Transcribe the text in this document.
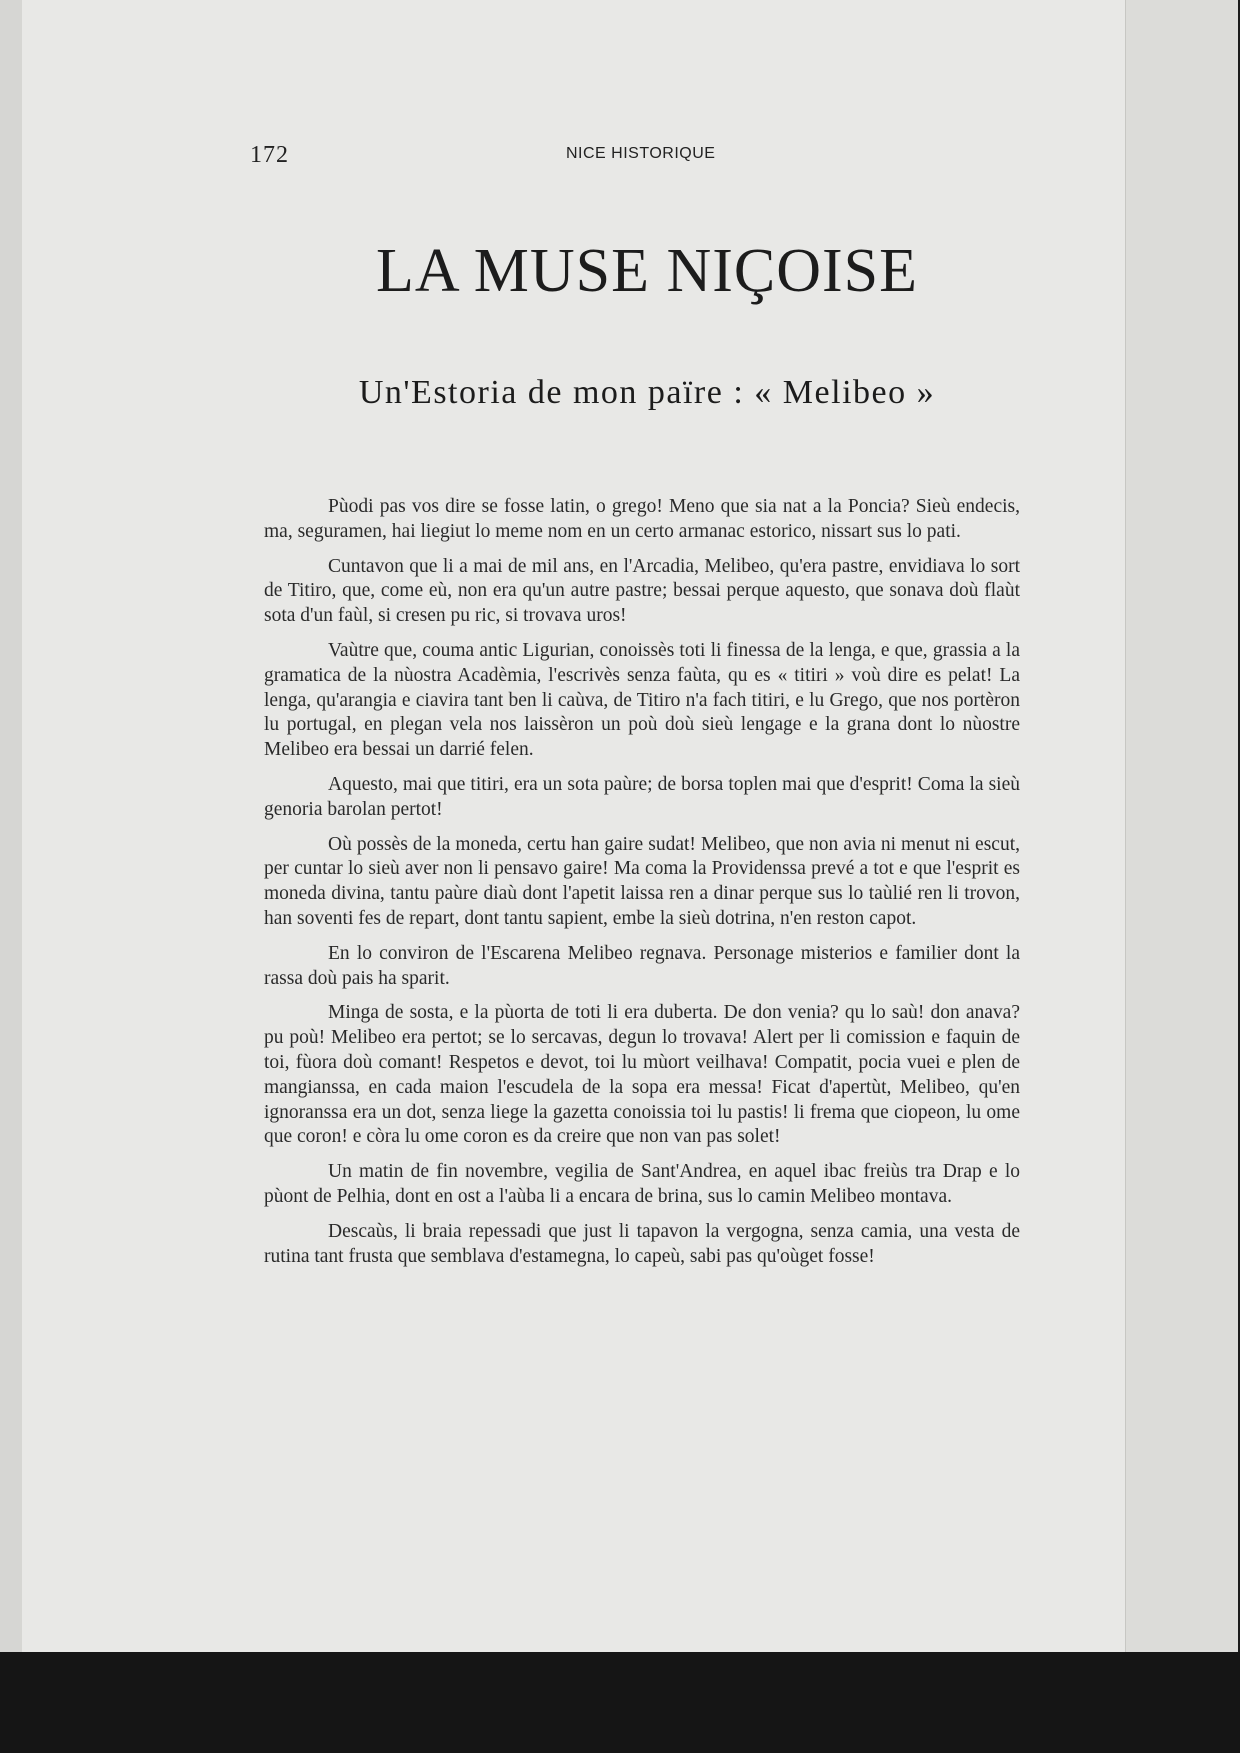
172	NICE HISTORIQUE
LA MUSE NIÇOISE
Un'Estoria de mon païre : « Melibeo »

Pùodi pas vos dire se fosse latin, o grego! Meno que sia nat a la Poncia? Sieù endecis, ma, seguramen, hai liegiut lo meme nom en un certo armanac estorico, nissart sus lo pati.

Cuntavon que li a mai de mil ans, en l'Arcadia, Melibeo, qu'era pastre, envidiava lo sort de Titiro, que, come eù, non era qu'un autre pastre; bessai perque aquesto, que sonava doù flaùt sota d'un faùl, si cresen pu ric, si trovava uros!

Vaùtre que, couma antic Ligurian, conoissès toti li finessa de la lenga, e que, grassia a la gramatica de la nùostra Acadèmia, l'escrivès senza faùta, qu es « titiri » voù dire es pelat! La lenga, qu'arangia e ciavira tant ben li caùva, de Titiro n'a fach titiri, e lu Grego, que nos portèron lu portugal, en plegan vela nos laissèron un poù doù sieù lengage e la grana dont lo nùostre Melibeo era bessai un darrié felen.

Aquesto, mai que titiri, era un sota paùre; de borsa toplen mai que d'esprit! Coma la sieù genoria barolan pertot!

Où possès de la moneda, certu han gaire sudat! Melibeo, que non avia ni menut ni escut, per cuntar lo sieù aver non li pensavo gaire! Ma coma la Providenssa prevé a tot e que l'esprit es moneda divina, tantu paùre diaù dont l'apetit laissa ren a dinar perque sus lo taùlié ren li trovon, han soventi fes de repart, dont tantu sapient, embe la sieù dotrina, n'en reston capot.

En lo conviron de l'Escarena Melibeo regnava. Personage misterios e familier dont la rassa doù pais ha sparit.

Minga de sosta, e la pùorta de toti li era duberta. De don venia? qu lo saù! don anava? pu poù! Melibeo era pertot; se lo sercavas, degun lo trovava! Alert per li comission e faquin de toi, fùora doù comant! Respetos e devot, toi lu mùort veilhava! Compatit, pocia vuei e plen de mangianssa, en cada maion l'escudela de la sopa era messa! Ficat d'apertùt, Melibeo, qu'en ignoranssa era un dot, senza liege la gazetta conoissia toi lu pastis! li frema que ciopeon, lu ome que coron! e còra lu ome coron es da creire que non van pas solet!

Un matin de fin novembre, vegilia de Sant'Andrea, en aquel ibac freiùs tra Drap e lo pùont de Pelhia, dont en ost a l'aùba li a encara de brina, sus lo camin Melibeo montava.

Descaùs, li braia repessadi que just li tapavon la vergogna, senza camia, una vesta de rutina tant frusta que semblava d'estamegna, lo capeù, sabi pas qu'oùget fosse!
